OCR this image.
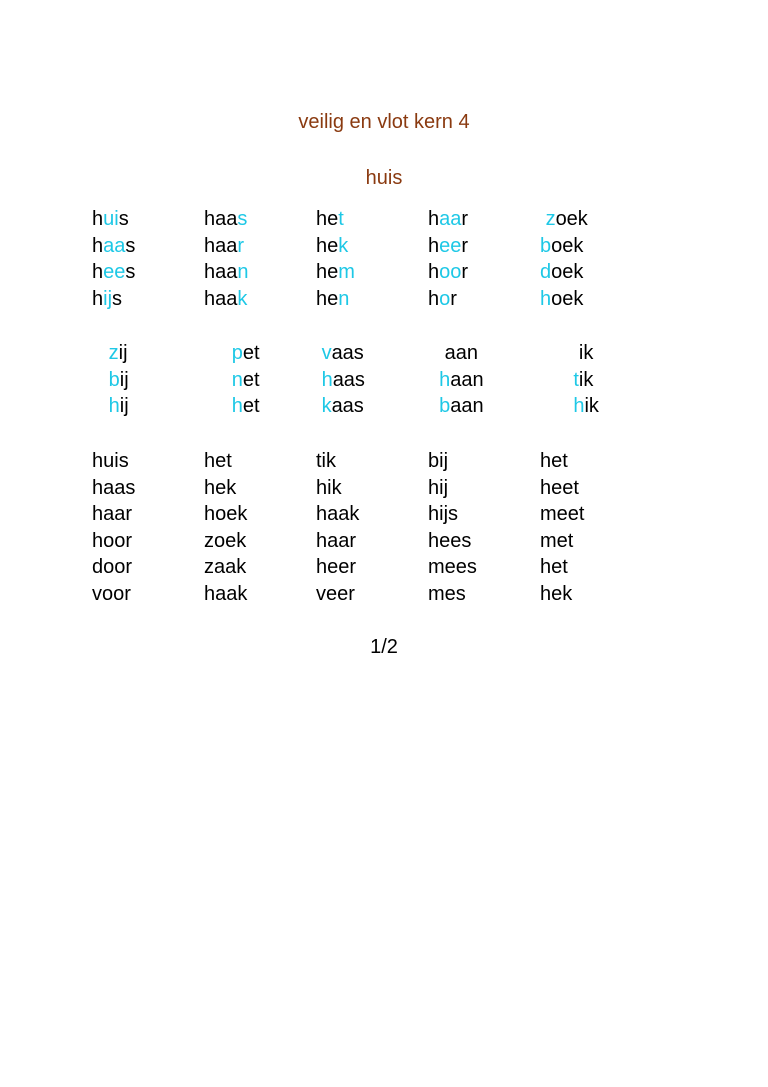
veilig en vlot kern 4
huis
huis	haas	het	haar	zoek
haas	haar	hek	heer	boek
hees	haan	hem	hoor	doek
hijs	haak	hen	hor	hoek
zij	pet	vaas	aan	ik
bij	net	haas	haan	tik
hij	het	kaas	baan	hik
huis	het	tik	bij	het
haas	hek	hik	hij	heet
haar	hoek	haak	hijs	meet
hoor	zoek	haar	hees	met
door	zaak	heer	mees	het
voor	haak	veer	mes	hek
1/2
